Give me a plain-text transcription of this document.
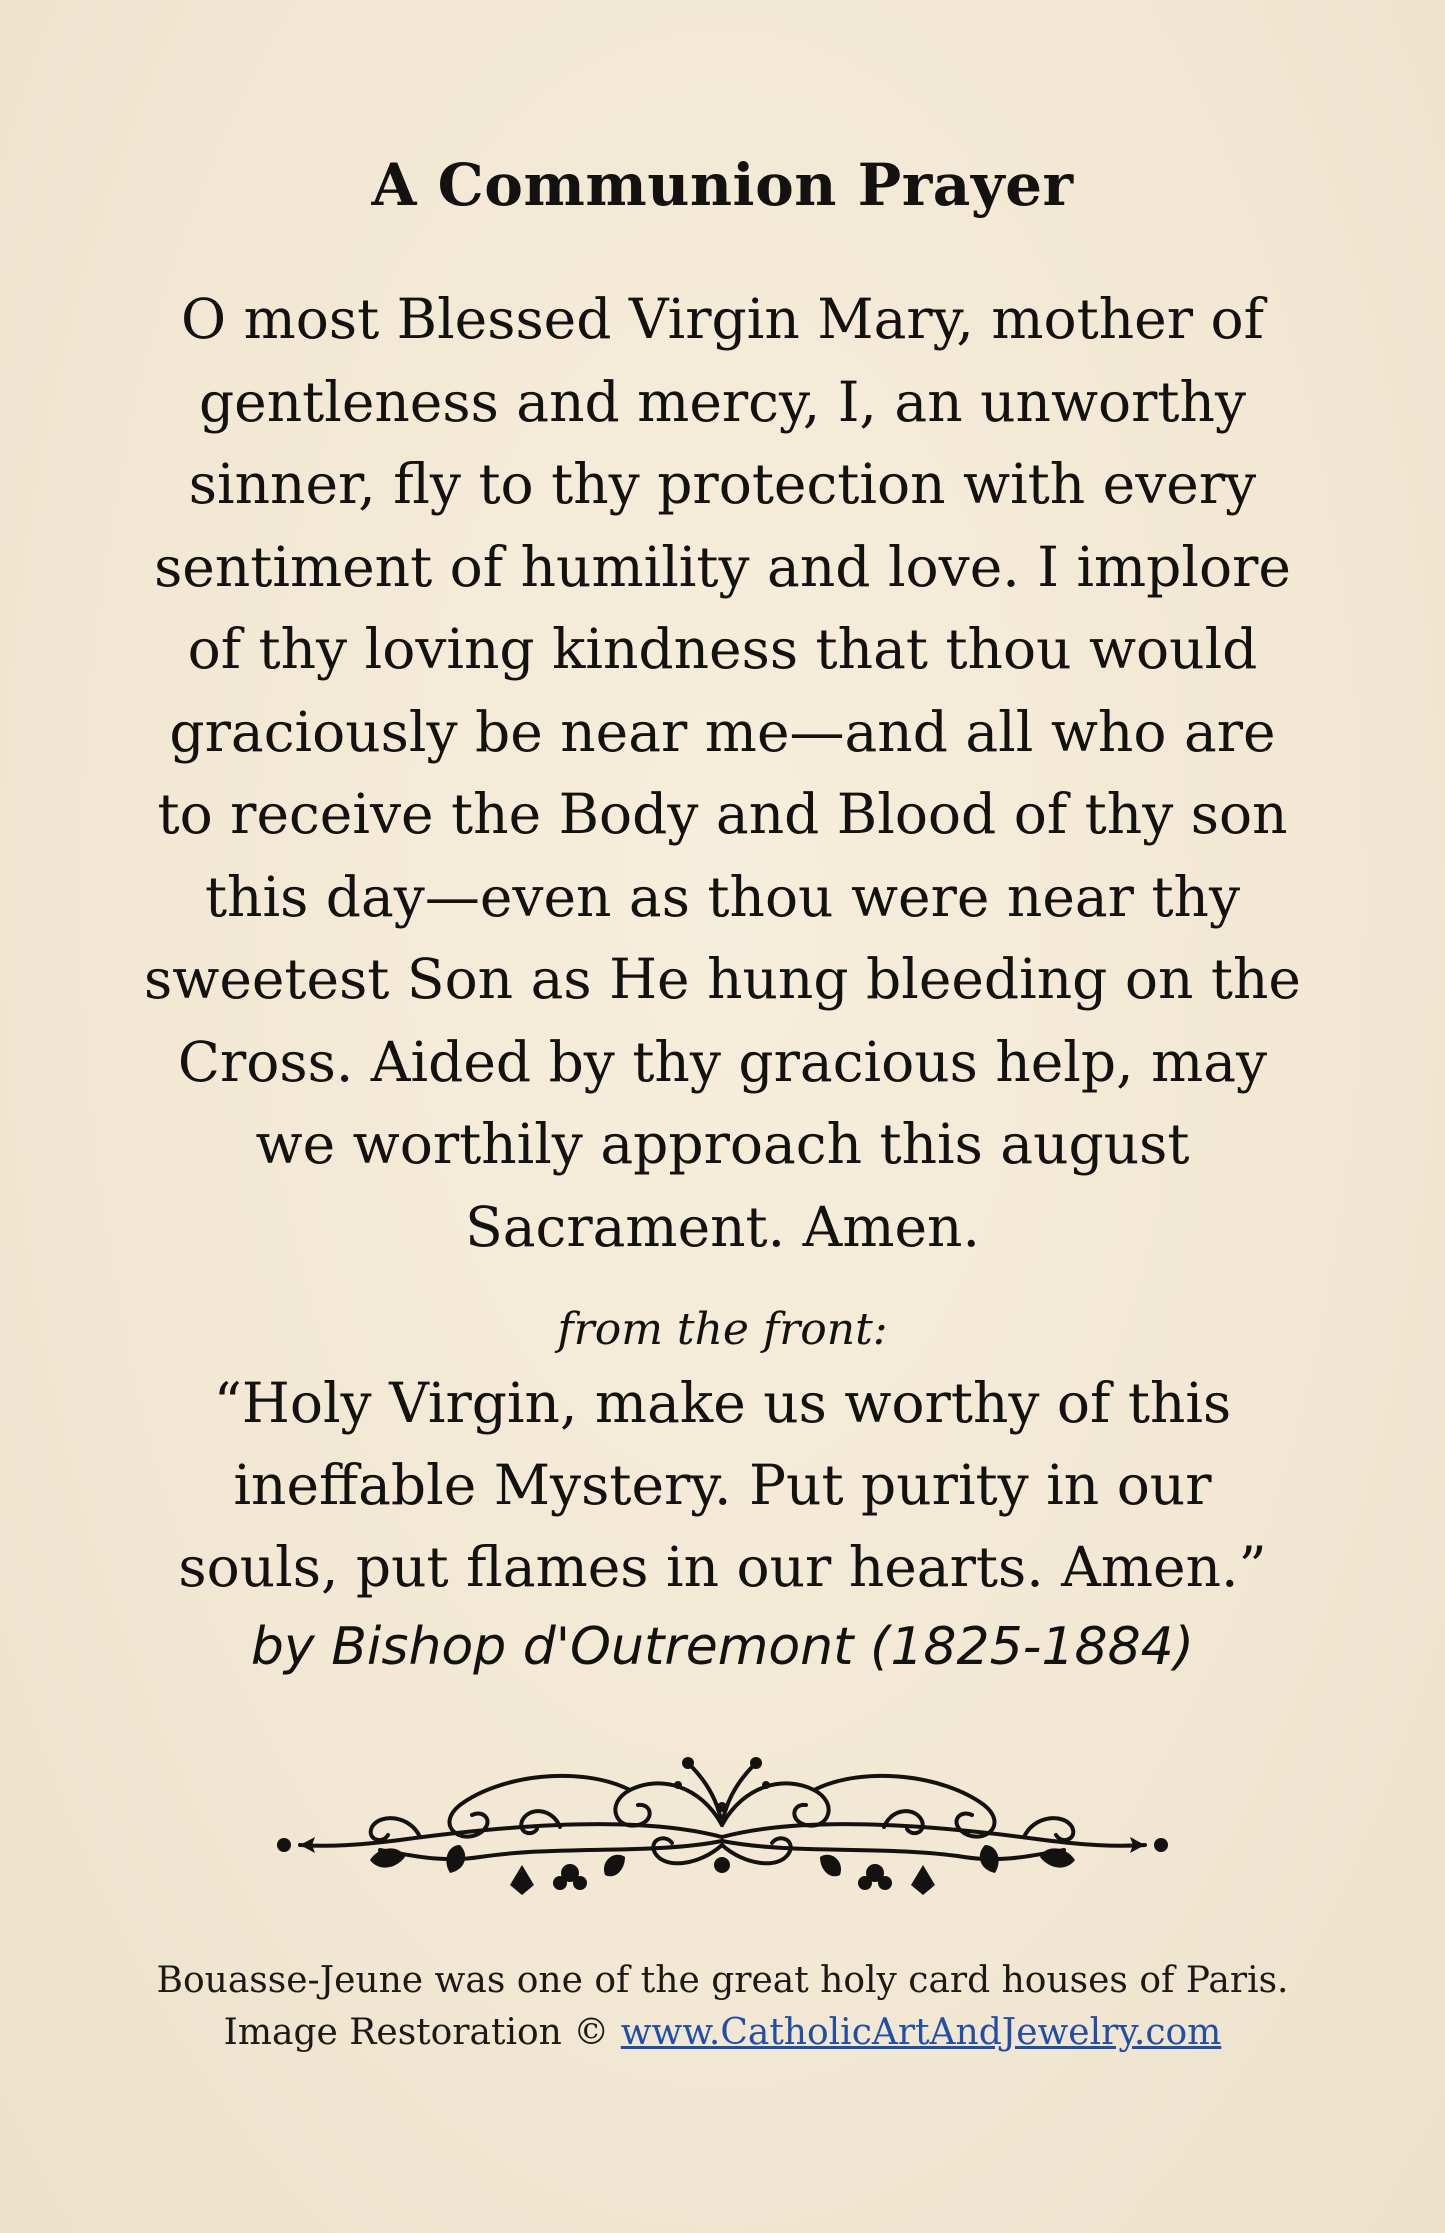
A Communion Prayer

O most Blessed Virgin Mary, mother of
gentleness and mercy, I, an unworthy
sinner, fly to thy protection with every
sentiment of humility and love. I implore
of thy loving kindness that thou would
graciously be near me—and all who are
to receive the Body and Blood of thy son
this day—even as thou were near thy
sweetest Son as He hung bleeding on the
Cross. Aided by thy gracious help, may
we worthily approach this august
Sacrament. Amen.

from the front:

“Holy Virgin, make us worthy of this
ineffable Mystery. Put purity in our
souls, put flames in our hearts. Amen.”

by Bishop d'Outremont (1825-1884)
Bouasse-Jeune was one of the great holy card houses of Paris.
Image Restoration © www.CatholicArtAndJewelry.com
